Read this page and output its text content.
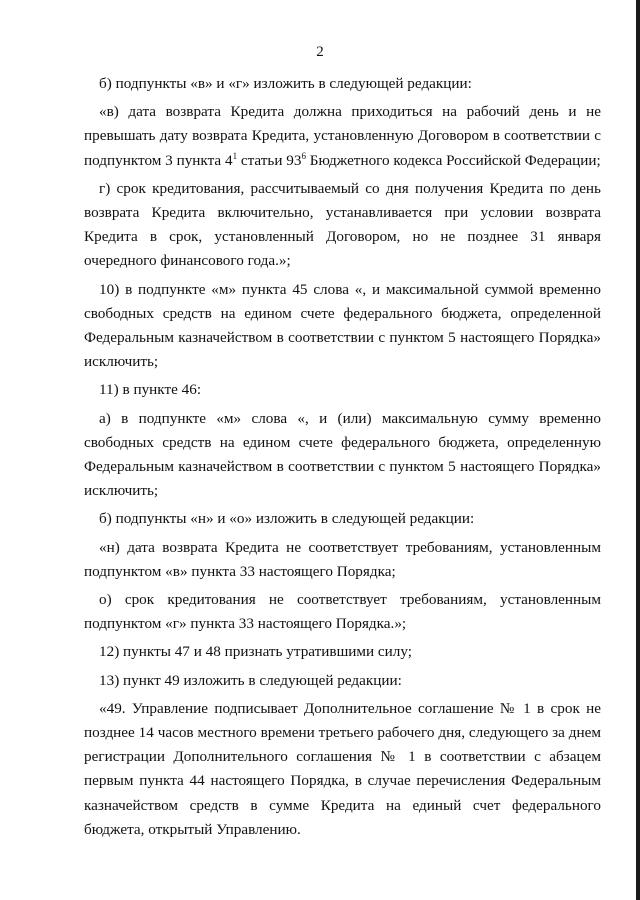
2

б) подпункты «в» и «г» изложить в следующей редакции:

«в) дата возврата Кредита должна приходиться на рабочий день и не превышать дату возврата Кредита, установленную Договором в соответствии с подпунктом 3 пункта $4^1$ статьи $93^6$ Бюджетного кодекса Российской Федерации;

г) срок кредитования, рассчитываемый со дня получения Кредита по день возврата Кредита включительно, устанавливается при условии возврата Кредита в срок, установленный Договором, но не позднее 31 января очередного финансового года.»;

10) в подпункте «м» пункта 45 слова «, и максимальной суммой временно свободных средств на едином счете федерального бюджета, определенной Федеральным казначейством в соответствии с пунктом 5 настоящего Порядка» исключить;

11) в пункте 46:

а) в подпункте «м» слова «, и (или) максимальную сумму временно свободных средств на едином счете федерального бюджета, определенную Федеральным казначейством в соответствии с пунктом 5 настоящего Порядка» исключить;

б) подпункты «н» и «о» изложить в следующей редакции:

«н) дата возврата Кредита не соответствует требованиям, установленным подпунктом «в» пункта 33 настоящего Порядка;

о) срок кредитования не соответствует требованиям, установленным подпунктом «г» пункта 33 настоящего Порядка.»;

12) пункты 47 и 48 признать утратившими силу;

13) пункт 49 изложить в следующей редакции:

«49. Управление подписывает Дополнительное соглашение № 1 в срок не позднее 14 часов местного времени третьего рабочего дня, следующего за днем регистрации Дополнительного соглашения № 1 в соответствии с абзацем первым пункта 44 настоящего Порядка, в случае перечисления Федеральным казначейством средств в сумме Кредита на единый счет федерального бюджета, открытый Управлению.
